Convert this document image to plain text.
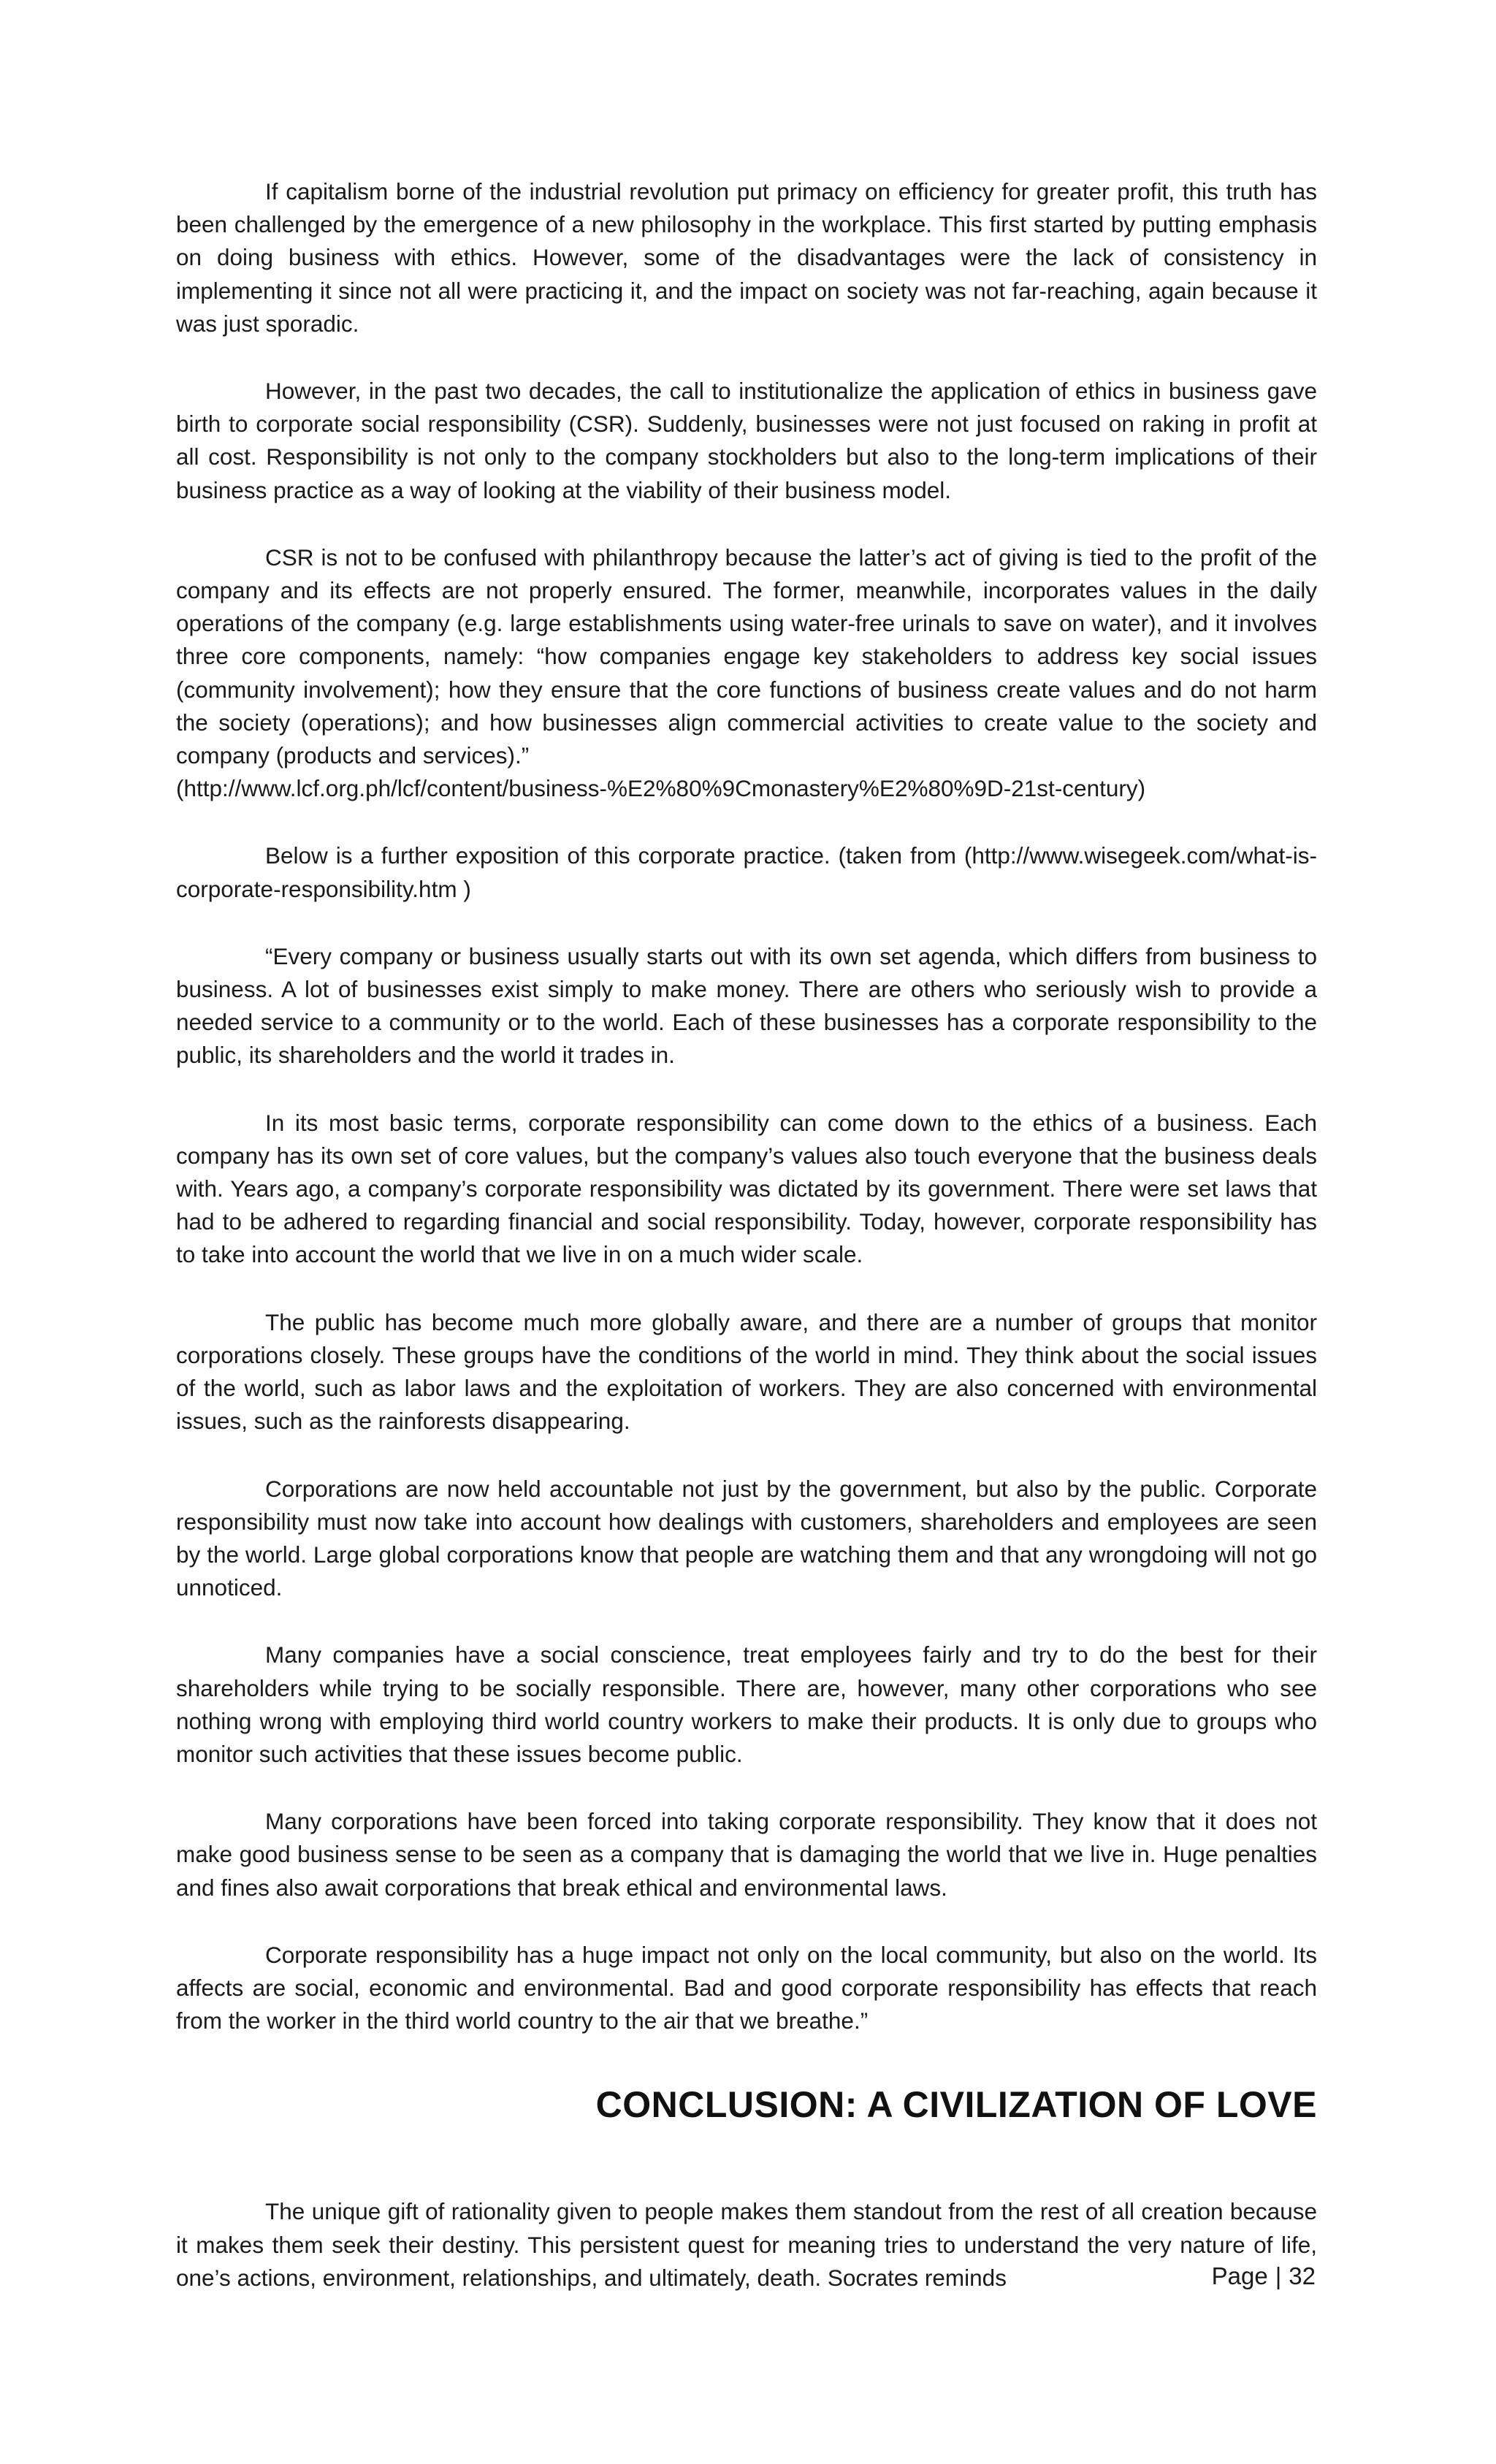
If capitalism borne of the industrial revolution put primacy on efficiency for greater profit, this truth has been challenged by the emergence of a new philosophy in the workplace. This first started by putting emphasis on doing business with ethics. However, some of the disadvantages were the lack of consistency in implementing it since not all were practicing it, and the impact on society was not far-reaching, again because it was just sporadic.

However, in the past two decades, the call to institutionalize the application of ethics in business gave birth to corporate social responsibility (CSR). Suddenly, businesses were not just focused on raking in profit at all cost. Responsibility is not only to the company stockholders but also to the long-term implications of their business practice as a way of looking at the viability of their business model.

CSR is not to be confused with philanthropy because the latter’s act of giving is tied to the profit of the company and its effects are not properly ensured. The former, meanwhile, incorporates values in the daily operations of the company (e.g. large establishments using water-free urinals to save on water), and it involves three core components, namely: “how companies engage key stakeholders to address key social issues (community involvement); how they ensure that the core functions of business create values and do not harm the society (operations); and how businesses align commercial activities to create value to the society and company (products and services).”
(http://www.lcf.org.ph/lcf/content/business-%E2%80%9Cmonastery%E2%80%9D-21st-century)

Below is a further exposition of this corporate practice. (taken from (http://www.wisegeek.com/what-is-corporate-responsibility.htm )

“Every company or business usually starts out with its own set agenda, which differs from business to business. A lot of businesses exist simply to make money. There are others who seriously wish to provide a needed service to a community or to the world. Each of these businesses has a corporate responsibility to the public, its shareholders and the world it trades in.

In its most basic terms, corporate responsibility can come down to the ethics of a business. Each company has its own set of core values, but the company’s values also touch everyone that the business deals with. Years ago, a company’s corporate responsibility was dictated by its government. There were set laws that had to be adhered to regarding financial and social responsibility. Today, however, corporate responsibility has to take into account the world that we live in on a much wider scale.

The public has become much more globally aware, and there are a number of groups that monitor corporations closely. These groups have the conditions of the world in mind. They think about the social issues of the world, such as labor laws and the exploitation of workers. They are also concerned with environmental issues, such as the rainforests disappearing.

Corporations are now held accountable not just by the government, but also by the public. Corporate responsibility must now take into account how dealings with customers, shareholders and employees are seen by the world. Large global corporations know that people are watching them and that any wrongdoing will not go unnoticed.

Many companies have a social conscience, treat employees fairly and try to do the best for their shareholders while trying to be socially responsible. There are, however, many other corporations who see nothing wrong with employing third world country workers to make their products. It is only due to groups who monitor such activities that these issues become public.

Many corporations have been forced into taking corporate responsibility. They know that it does not make good business sense to be seen as a company that is damaging the world that we live in. Huge penalties and fines also await corporations that break ethical and environmental laws.

Corporate responsibility has a huge impact not only on the local community, but also on the world. Its affects are social, economic and environmental. Bad and good corporate responsibility has effects that reach from the worker in the third world country to the air that we breathe.”

CONCLUSION: A CIVILIZATION OF LOVE

The unique gift of rationality given to people makes them standout from the rest of all creation because it makes them seek their destiny. This persistent quest for meaning tries to understand the very nature of life, one’s actions, environment, relationships, and ultimately, death. Socrates reminds	Page | 32
